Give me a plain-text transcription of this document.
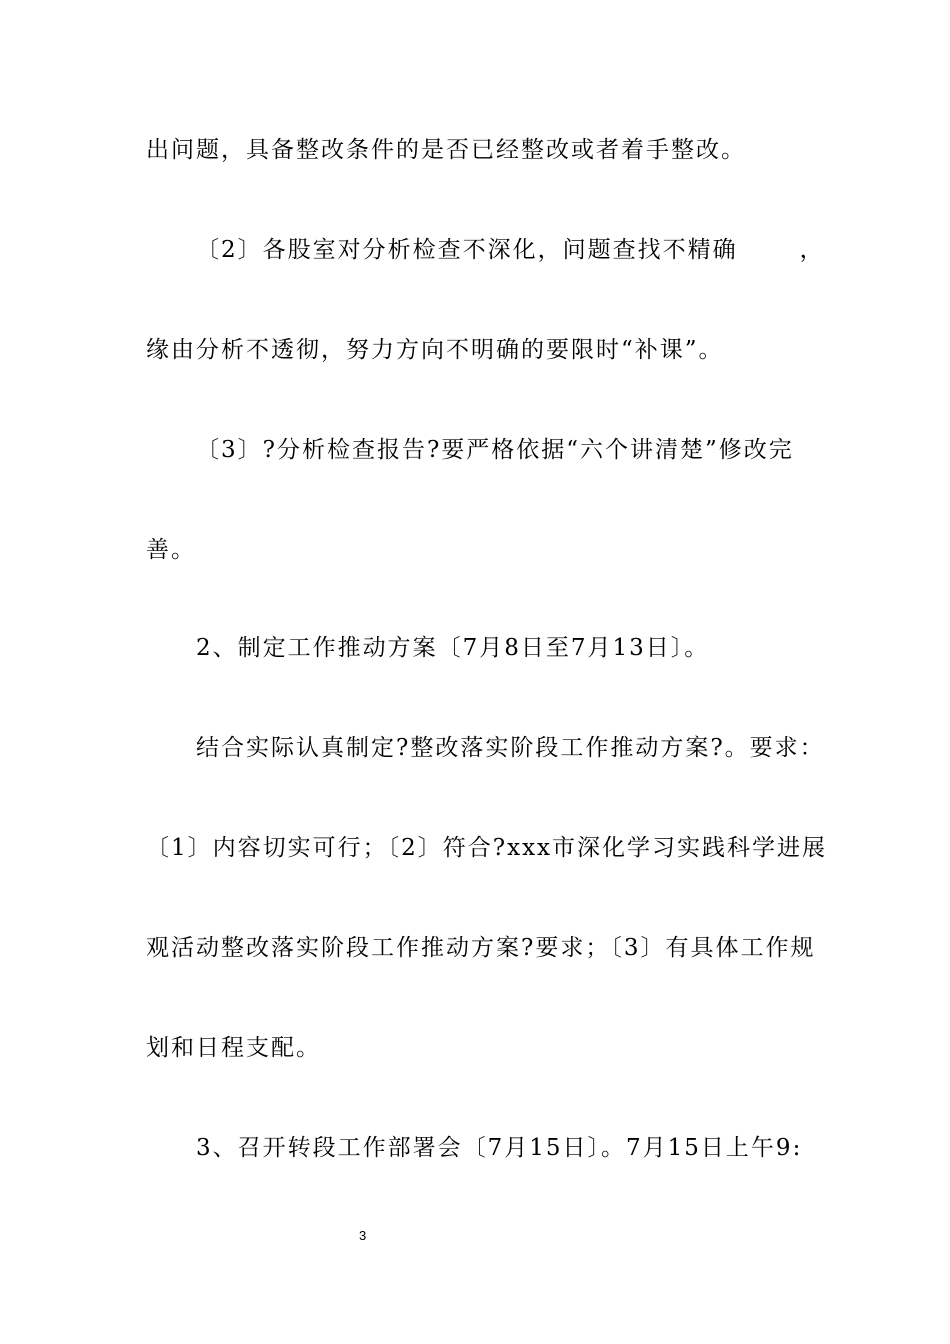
出问题，具备整改条件的是否已经整改或者着手整改。
〔2〕各股室对分析检查不深化，问题查找不精确	，
缘由分析不透彻，努力方向不明确的要限时“补课”。
〔3〕?分析检查报告?要严格依据“六个讲清楚”修改完
善。
2、制定工作推动方案〔7月8日至7月13日〕。
结合实际认真制定?整改落实阶段工作推动方案?。要求：
〔1〕内容切实可行；〔2〕符合?xxx市深化学习实践科学进展
观活动整改落实阶段工作推动方案?要求；〔3〕有具体工作规
划和日程支配。
3、召开转段工作部署会〔7月15日〕。7月15日上午9:
3
